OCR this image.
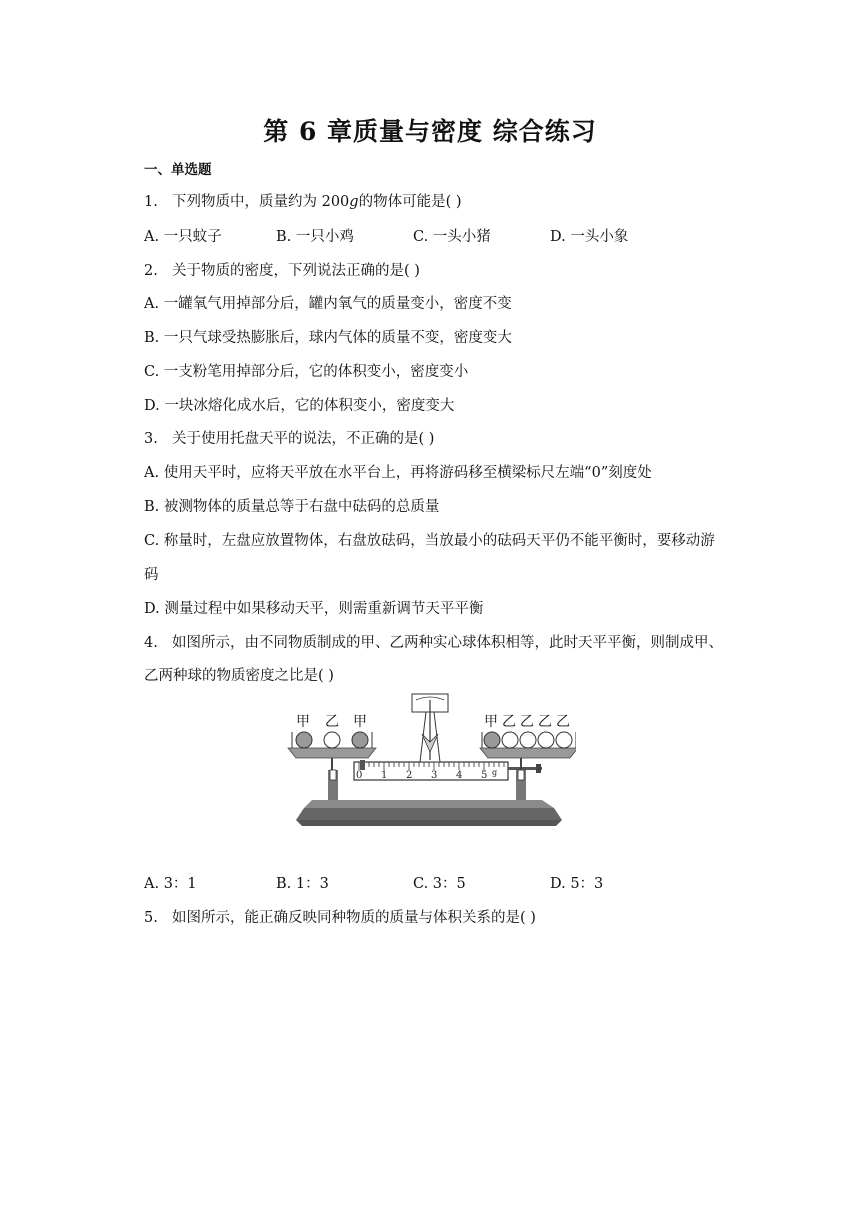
第 6 章质量与密度 综合练习
一、单选题
1. 下列物质中，质量约为 200g的物体可能是( )
A. 一只蚊子	B. 一只小鸡	C. 一头小猪	D. 一头小象
2. 关于物质的密度，下列说法正确的是( )
A. 一罐氧气用掉部分后，罐内氧气的质量变小，密度不变
B. 一只气球受热膨胀后，球内气体的质量不变，密度变大
C. 一支粉笔用掉部分后，它的体积变小，密度变小
D. 一块冰熔化成水后，它的体积变小，密度变大
3. 关于使用托盘天平的说法，不正确的是( )
A. 使用天平时，应将天平放在水平台上，再将游码移至横梁标尺左端“0”刻度处
B. 被测物体的质量总等于右盘中砝码的总质量
C. 称量时，左盘应放置物体，右盘放砝码，当放最小的砝码天平仍不能平衡时，要移动游
码
D. 测量过程中如果移动天平，则需重新调节天平平衡
4. 如图所示，由不同物质制成的甲、乙两种实心球体积相等，此时天平平衡，则制成甲、
乙两种球的物质密度之比是( )
0 1 2 3 4 5 g
甲 乙 甲	甲 乙 乙 乙 乙
A. 3：1	B. 1：3	C. 3：5	D. 5：3
5. 如图所示，能正确反映同种物质的质量与体积关系的是( )
